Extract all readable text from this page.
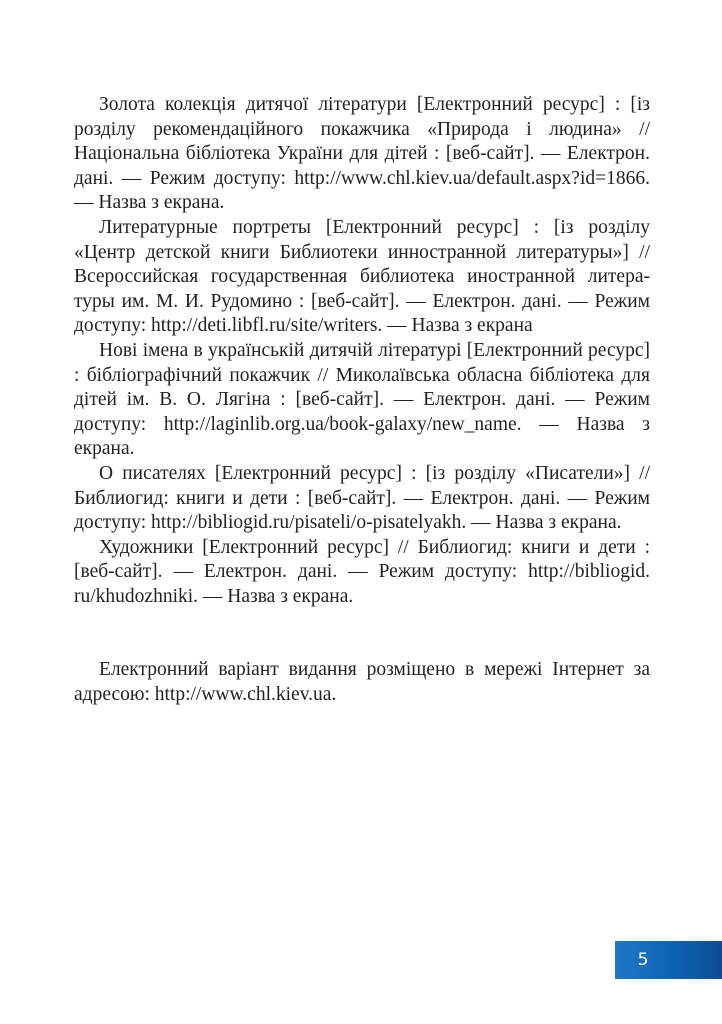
Золота колекція дитячої літератури [Електронний ресурс] : [із розділу рекомендаційного покажчика «Природа і людина» // Національна бібліотека України для дітей : [веб-сайт]. — Електрон. дані. — Режим доступу: http://www.chl.kiev.ua/default.​aspx?id=1866. — Назва з екрана.

Литературные портреты [Електронний ресурс] : [із розділу «Центр детской книги Библиотеки инностранной литературы»] // Всероссийская государственная библиотека иностранной литературы им. М. И. Рудомино : [веб-сайт]. — Електрон. дані. — Режим доступу: http://deti.libfl.ru/site/writers. — Назва з екрана

Нові імена в українській дитячій літературі [Електронний ресурс] : бібліографічний покажчик // Миколаївська обласна бібліотека для дітей ім. В. О. Лягіна : [веб-сайт]. — Електрон. дані. — Режим доступу: http://laginlib.org.ua/book-galaxy/new_name. — Назва з екрана.

О писателях [Електронний ресурс] : [із розділу «Писатели»] // Библиогид: книги и дети : [веб-сайт]. — Електрон. дані. — Режим доступу: http://bibliogid.ru/pisateli/o-pisatelyakh. — Назва з екрана.

Художники [Електронний ресурс] // Библиогид: книги и дети : [веб-сайт]. — Електрон. дані. — Режим доступу: http://bibliogid.​ru/khudozhniki. — Назва з екрана.

Електронний варіант видання розміщено в мережі Інтернет за адресою: http://www.chl.kiev.ua.

5
